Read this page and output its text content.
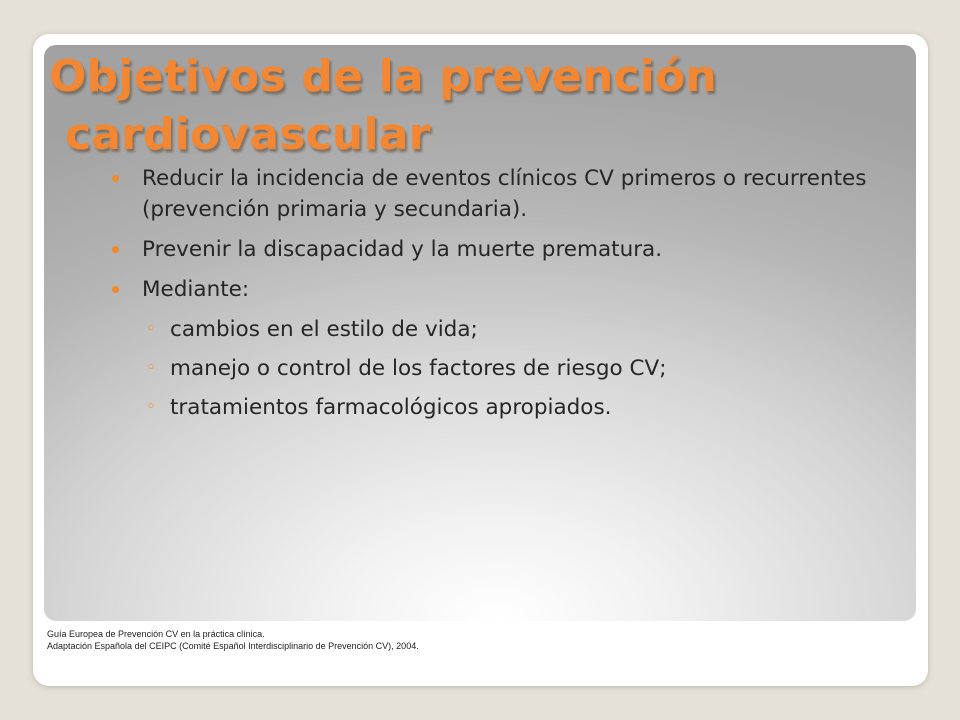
Objetivos de la prevención
cardiovascular
Reducir la incidencia de eventos clínicos CV primeros o recurrentes (prevención primaria y secundaria).
Prevenir la discapacidad y la muerte prematura.
Mediante:
◦ cambios en el estilo de vida;
◦ manejo o control de los factores de riesgo CV;
◦ tratamientos farmacológicos apropiados.
Guía Europea de Prevención CV en la práctica clínica.
Adaptación Española del CEIPC (Comité Español Interdisciplinario de Prevención CV), 2004.
